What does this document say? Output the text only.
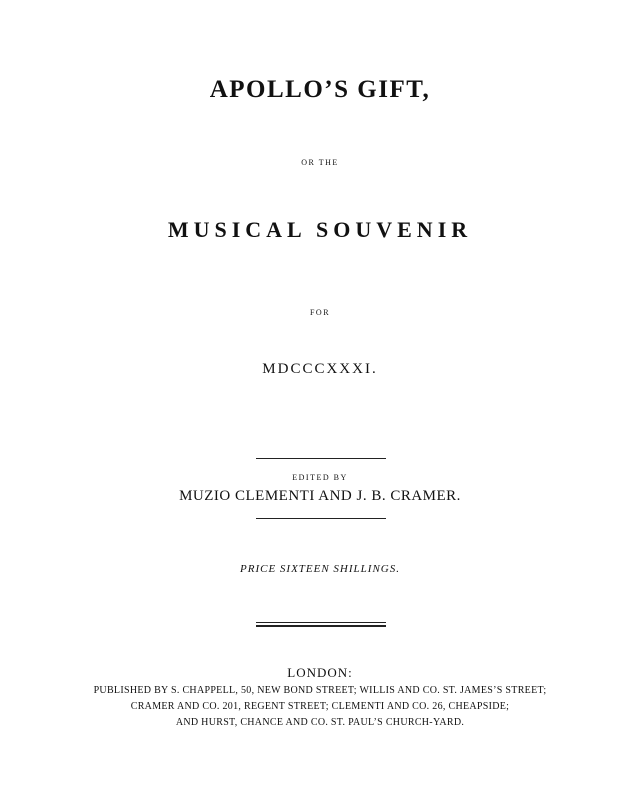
APOLLO’S GIFT,
OR THE
MUSICAL SOUVENIR
FOR
MDCCCXXXI.
EDITED BY
MUZIO CLEMENTI AND J. B. CRAMER.
PRICE SIXTEEN SHILLINGS.
LONDON:
PUBLISHED BY S. CHAPPELL, 50, NEW BOND STREET; WILLIS AND CO. ST. JAMES’S STREET;
CRAMER AND CO. 201, REGENT STREET; CLEMENTI AND CO. 26, CHEAPSIDE;
AND HURST, CHANCE AND CO. ST. PAUL’S CHURCH-YARD.
